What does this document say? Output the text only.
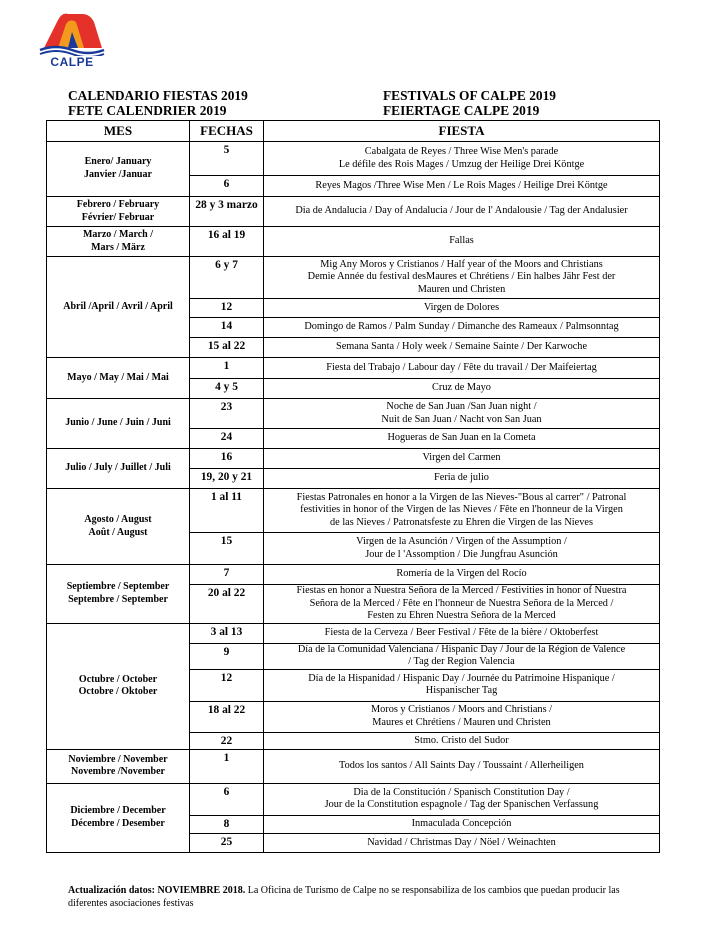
CALPE
CALENDARIO FIESTAS 2019
FETE CALENDRIER 2019
FESTIVALS OF CALPE 2019
FEIERTAGE CALPE 2019
MES	FECHAS	FIESTA
Enero/ January
Janvier /Januar	5	Cabalgata de Reyes / Three Wise Men's parade
Le défile des Rois Mages / Umzug der Heilige Drei Köntge
	6	Reyes Magos /Three Wise Men / Le Rois Mages / Heilige Drei Köntge
Febrero / February
Février/ Februar	28 y 3 marzo	Dia de Andalucia / Day of Andalucia / Jour de l' Andalousie / Tag der Andalusier
Marzo / March /
Mars / März	16 al 19	Fallas
Abril /April / Avril / April	6 y 7	Mig Any Moros y Cristianos / Half year of the Moors and Christians
Demie Année du festival desMaures et Chrétiens / Ein halbes Jähr Fest der
Mauren und Christen
	12	Virgen de Dolores
	14	Domingo de Ramos / Palm Sunday / Dimanche des Rameaux / Palmsonntag
	15 al 22	Semana Santa / Holy week / Semaine Sainte / Der Karwoche
Mayo / May / Mai / Mai	1	Fiesta del Trabajo / Labour day / Fête du travail / Der Maifeiertag
	4 y 5	Cruz de Mayo
Junio / June / Juin / Juni	23	Noche de San Juan /San Juan night /
Nuit de San Juan / Nacht von San Juan
	24	Hogueras de San Juan en la Cometa
Julio / July / Juillet / Juli	16	Virgen del Carmen
	19, 20 y 21	Feria de julio
Agosto / August
Août / August	1 al 11	Fiestas Patronales en honor a la Virgen de las Nieves-"Bous al carrer" / Patronal
festivities in honor of the Virgen de las Nieves / Fête en l'honneur de la Virgen
de las Nieves / Patronatsfeste zu Ehren die Virgen de las Nieves
	15	Virgen de la Asunción / Virgen of the Assumption /
Jour de l 'Assomption / Die Jungfrau Asunción
Septiembre / September
Septembre / September	7	Romería de la Virgen del Rocío
	20 al 22	Fiestas en honor a Nuestra Señora de la Merced / Festivities in honor of Nuestra
Señora de la Merced / Fête en l'honneur de Nuestra Señora de la Merced /
Festen zu Ehren Nuestra Señora de la Merced
Octubre / October
Octobre / Oktober	3 al 13	Fiesta de la Cerveza / Beer Festival / Fête de la bière / Oktoberfest
	9	Día de la Comunidad Valenciana / Hispanic Day / Jour de la Région de Valence
/ Tag der Region Valencia
	12	Día de la Hispanidad / Hispanic Day / Journée du Patrimoine Hispanique /
Hispanischer Tag
	18 al 22	Moros y Cristianos / Moors and Christians /
Maures et Chrétiens / Mauren und Christen
	22	Stmo. Cristo del Sudor
Noviembre / November
Novembre /November	1	Todos los santos / All Saints Day / Toussaint / Allerheiligen
Diciembre / December
Décembre / Desember	6	Dia de la Constitución / Spanisch Constitution Day /
Jour de la Constitution espagnole / Tag der Spanischen Verfassung
	8	Inmaculada Concepción
	25	Navidad / Christmas Day / Nöel / Weinachten
Actualización datos: NOVIEMBRE 2018. La Oficina de Turismo de Calpe no se responsabiliza de los cambios que puedan producir las diferentes asociaciones festivas
